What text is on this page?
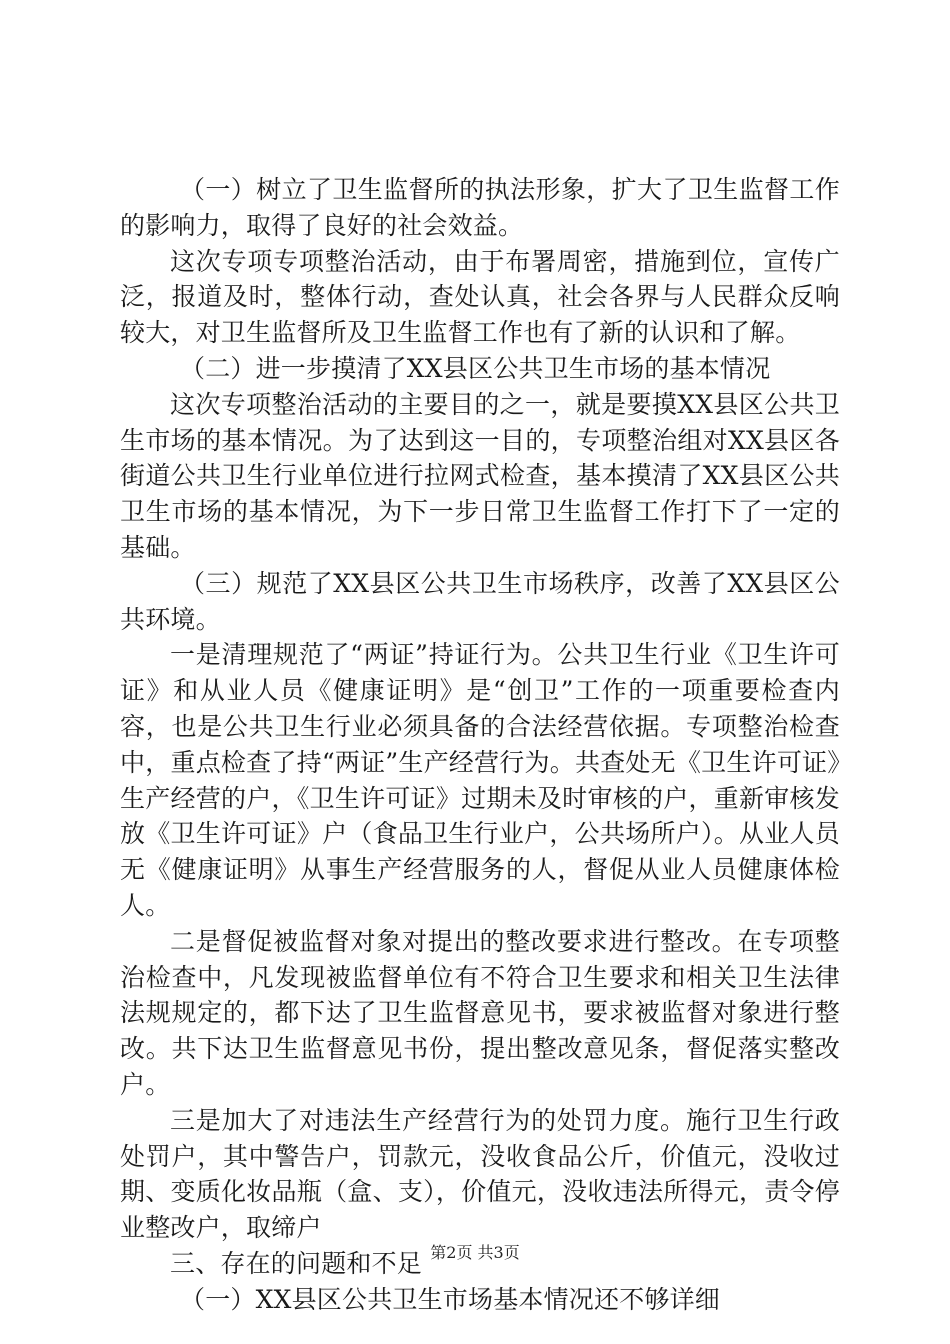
（一）树立了卫生监督所的执法形象，扩大了卫生监督工作的影响力，取得了良好的社会效益。

这次专项专项整治活动，由于布署周密，措施到位，宣传广泛，报道及时，整体行动，查处认真，社会各界与人民群众反响较大，对卫生监督所及卫生监督工作也有了新的认识和了解。

（二）进一步摸清了XX县区公共卫生市场的基本情况

这次专项整治活动的主要目的之一，就是要摸XX县区公共卫生市场的基本情况。为了达到这一目的，专项整治组对XX县区各街道公共卫生行业单位进行拉网式检查，基本摸清了XX县区公共卫生市场的基本情况，为下一步日常卫生监督工作打下了一定的基础。

（三）规范了XX县区公共卫生市场秩序，改善了XX县区公共环境。

一是清理规范了“两证”持证行为。公共卫生行业《卫生许可证》和从业人员《健康证明》是“创卫”工作的一项重要检查内容，也是公共卫生行业必须具备的合法经营依据。专项整治检查中，重点检查了持“两证”生产经营行为。共查处无《卫生许可证》生产经营的户，《卫生许可证》过期未及时审核的户，重新审核发放《卫生许可证》户（食品卫生行业户，公共场所户）。从业人员无《健康证明》从事生产经营服务的人，督促从业人员健康体检人。

二是督促被监督对象对提出的整改要求进行整改。在专项整治检查中，凡发现被监督单位有不符合卫生要求和相关卫生法律法规规定的，都下达了卫生监督意见书，要求被监督对象进行整改。共下达卫生监督意见书份，提出整改意见条，督促落实整改户。

三是加大了对违法生产经营行为的处罚力度。施行卫生行政处罚户，其中警告户，罚款元，没收食品公斤，价值元，没收过期、变质化妆品瓶（盒、支），价值元，没收违法所得元，责令停业整改户，取缔户

三、存在的问题和不足

（一）XX县区公共卫生市场基本情况还不够详细

第2页 共3页
